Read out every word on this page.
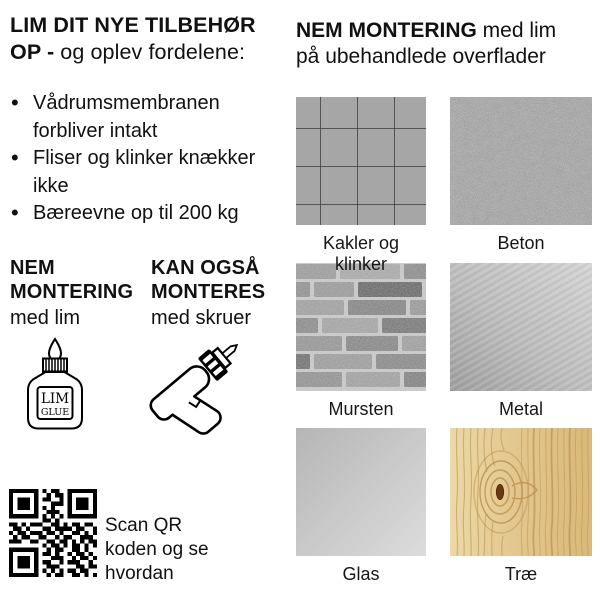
LIM DIT NYE TILBEHØR
OP - og oplev fordelene:
• Vådrumsmembranen
forbliver intakt
• Fliser og klinker knækker ikke
• Bæreevne op til 200 kg
NEM
MONTERING
med lim
KAN OGSÅ
MONTERES
med skruer
LIM
GLUE
Scan QR
koden og se
hvordan
NEM MONTERING med lim
på ubehandlede overflader
Kakler og klinker
Beton
Mursten	Metal
Glas	Træ
